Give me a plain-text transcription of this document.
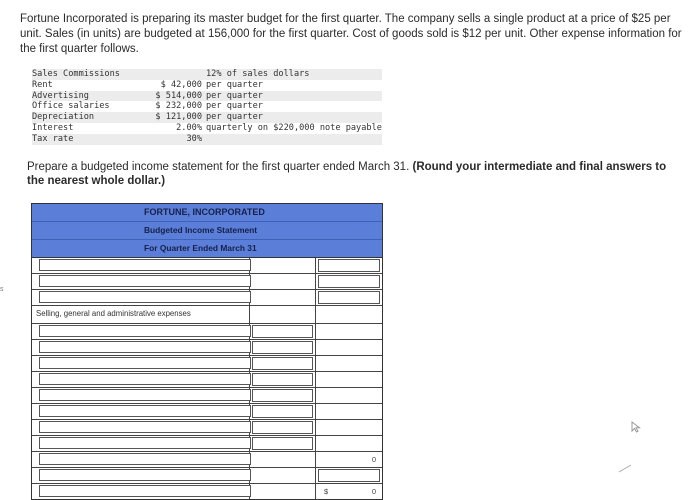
Fortune Incorporated is preparing its master budget for the first quarter. The company sells a single product at a price of $25 per unit. Sales (in units) are budgeted at 156,000 for the first quarter. Cost of goods sold is $12 per unit. Other expense information for the first quarter follows.
Sales Commissions	12% of sales dollars
Rent	$ 42,000 per quarter
Advertising	$ 514,000 per quarter
Office salaries	$ 232,000 per quarter
Depreciation	$ 121,000 per quarter
Interest	2.00% quarterly on $220,000 note payable
Tax rate	30%
Prepare a budgeted income statement for the first quarter ended March 31. (Round your intermediate and final answers to the nearest whole dollar.)
FORTUNE, INCORPORATED
Budgeted Income Statement
For Quarter Ended March 31
Selling, general and administrative expenses
0
$	0
s
